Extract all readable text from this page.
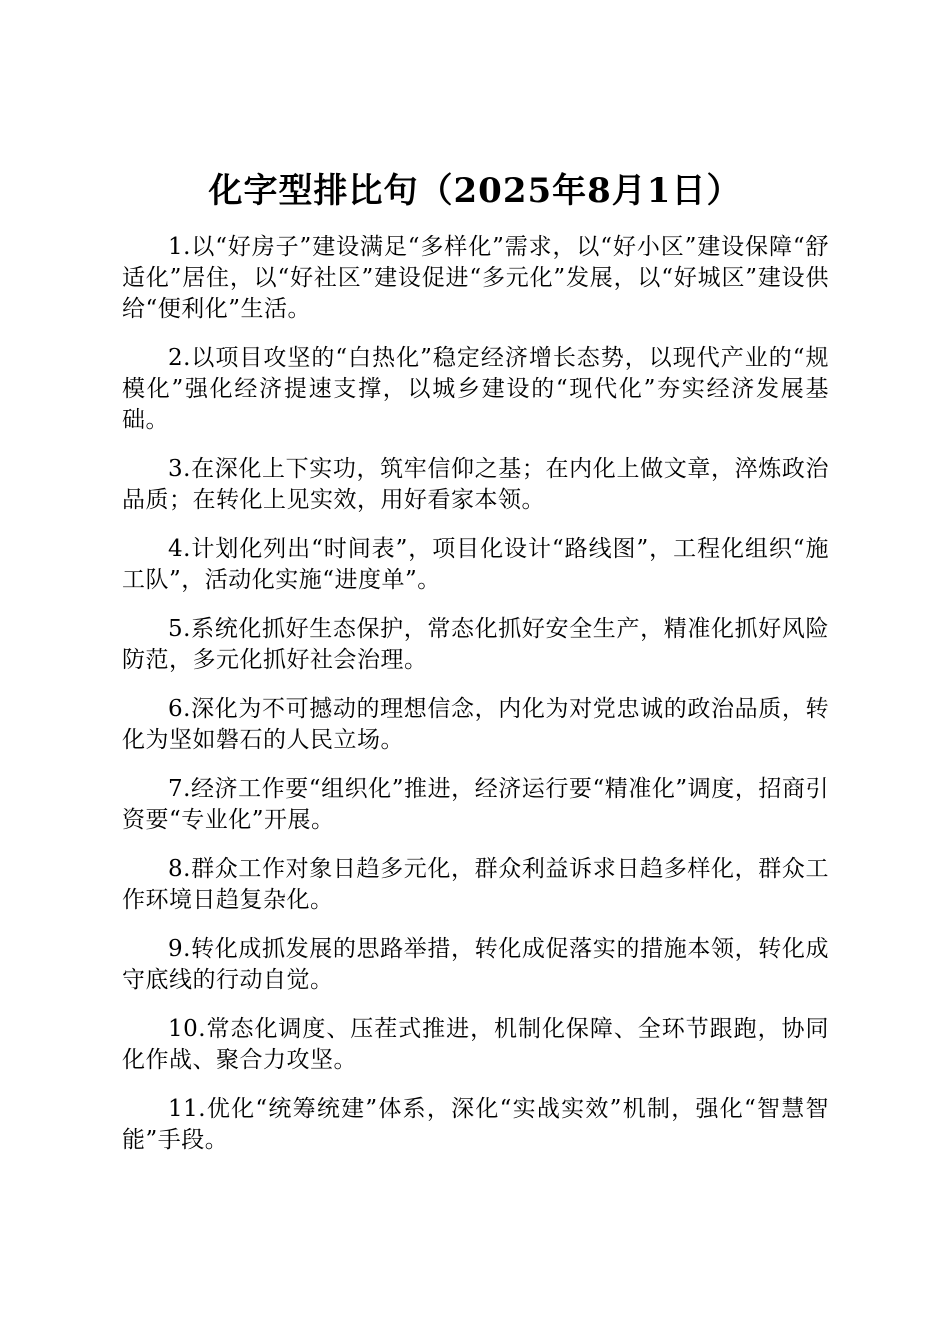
化字型排比句（2025年8月1日）

1.以“好房子”建设满足“多样化”需求，以“好小区”建设保障“舒适化”居住，以“好社区”建设促进“多元化”发展，以“好城区”建设供给“便利化”生活。

2.以项目攻坚的“白热化”稳定经济增长态势，以现代产业的“规模化”强化经济提速支撑，以城乡建设的“现代化”夯实经济发展基础。

3.在深化上下实功，筑牢信仰之基；在内化上做文章，淬炼政治品质；在转化上见实效，用好看家本领。

4.计划化列出“时间表”，项目化设计“路线图”，工程化组织“施工队”，活动化实施“进度单”。

5.系统化抓好生态保护，常态化抓好安全生产，精准化抓好风险防范，多元化抓好社会治理。

6.深化为不可撼动的理想信念，内化为对党忠诚的政治品质，转化为坚如磐石的人民立场。

7.经济工作要“组织化”推进，经济运行要“精准化”调度，招商引资要“专业化”开展。

8.群众工作对象日趋多元化，群众利益诉求日趋多样化，群众工作环境日趋复杂化。

9.转化成抓发展的思路举措，转化成促落实的措施本领，转化成守底线的行动自觉。

10.常态化调度、压茬式推进，机制化保障、全环节跟跑，协同化作战、聚合力攻坚。

11.优化“统筹统建”体系，深化“实战实效”机制，强化“智慧智能”手段。
